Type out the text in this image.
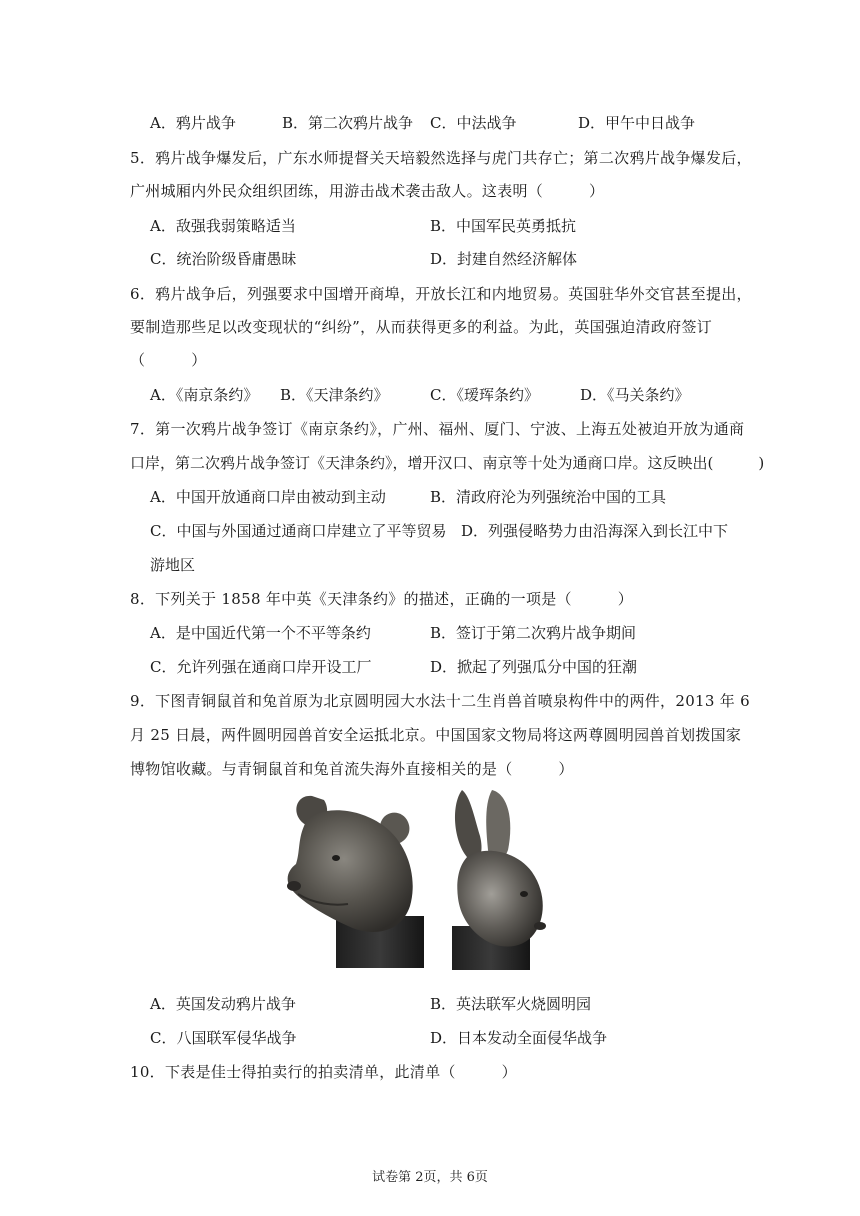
A．鸦片战争	B．第二次鸦片战争 C．中法战争	D．甲午中日战争
5．鸦片战争爆发后，广东水师提督关天培毅然选择与虎门共存亡；第二次鸦片战争爆发后，
广州城厢内外民众组织团练，用游击战术袭击敌人。这表明（　　　）
A．敌强我弱策略适当	B．中国军民英勇抵抗
C．统治阶级昏庸愚昧	D．封建自然经济解体
6．鸦片战争后，列强要求中国增开商埠，开放长江和内地贸易。英国驻华外交官甚至提出，
要制造那些足以改变现状的“纠纷”，从而获得更多的利益。为此，英国强迫清政府签订
（　　　）
A．《南京条约》 B．《天津条约》	C．《瑷珲条约》	D．《马关条约》
7．第一次鸦片战争签订《南京条约》，广州、福州、厦门、宁波、上海五处被迫开放为通商
口岸，第二次鸦片战争签订《天津条约》，增开汉口、南京等十处为通商口岸。这反映出(　　　)
A．中国开放通商口岸由被动到主动	B．清政府沦为列强统治中国的工具
C．中国与外国通过通商口岸建立了平等贸易 D．列强侵略势力由沿海深入到长江中下
游地区
8．下列关于 1858 年中英《天津条约》的描述，正确的一项是（　　　）
A．是中国近代第一个不平等条约	B．签订于第二次鸦片战争期间
C．允许列强在通商口岸开设工厂	D．掀起了列强瓜分中国的狂潮
9．下图青铜鼠首和兔首原为北京圆明园大水法十二生肖兽首喷泉构件中的两件，2013 年 6
月 25 日晨，两件圆明园兽首安全运抵北京。中国国家文物局将这两尊圆明园兽首划拨国家
博物馆收藏。与青铜鼠首和兔首流失海外直接相关的是（　　　）
A．英国发动鸦片战争	B．英法联军火烧圆明园
C．八国联军侵华战争	D．日本发动全面侵华战争
10．下表是佳士得拍卖行的拍卖清单，此清单（　　　）
试卷第 2页，共 6页
